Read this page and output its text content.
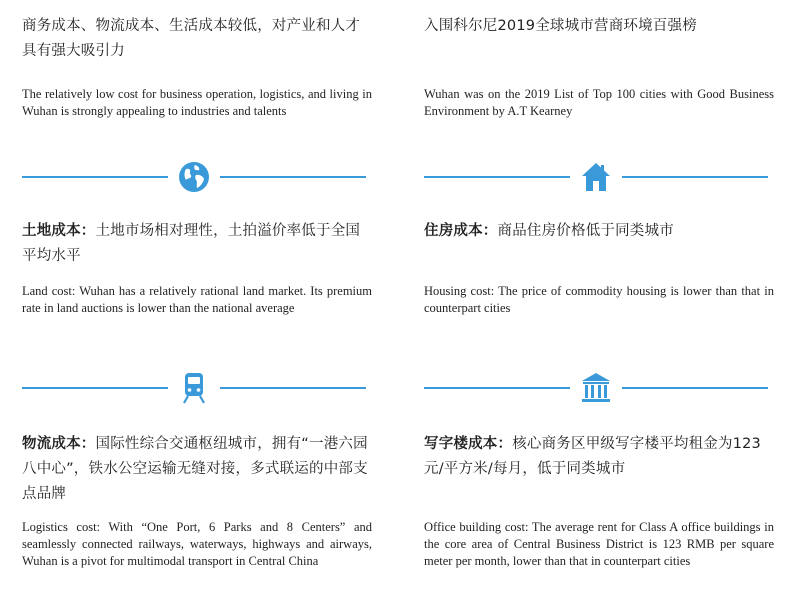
商务成本、物流成本、生活成本较低，对产业和人才具有强大吸引力

The relatively low cost for business operation, logistics, and living in Wuhan is strongly appealing to industries and talents

入围科尔尼2019全球城市营商环境百强榜

Wuhan was on the 2019 List of Top 100 cities with Good Business Environment by A.T Kearney

土地成本：土地市场相对理性，土拍溢价率低于全国平均水平

Land cost: Wuhan has a relatively rational land market. Its premium rate in land auctions is lower than the national average

住房成本：商品住房价格低于同类城市

Housing cost: The price of commodity housing is lower than that in counterpart cities

物流成本：国际性综合交通枢纽城市，拥有“一港六园八中心”，铁水公空运输无缝对接，多式联运的中部支点品牌

Logistics cost: With “One Port, 6 Parks and 8 Centers” and seamlessly connected railways, waterways, highways and airways, Wuhan is a pivot for multimodal transport in Central China

写字楼成本：核心商务区甲级写字楼平均租金为123元/平方米/每月，低于同类城市

Office building cost: The average rent for Class A office buildings in the core area of Central Business District is 123 RMB per square meter per month, lower than that in counterpart cities
